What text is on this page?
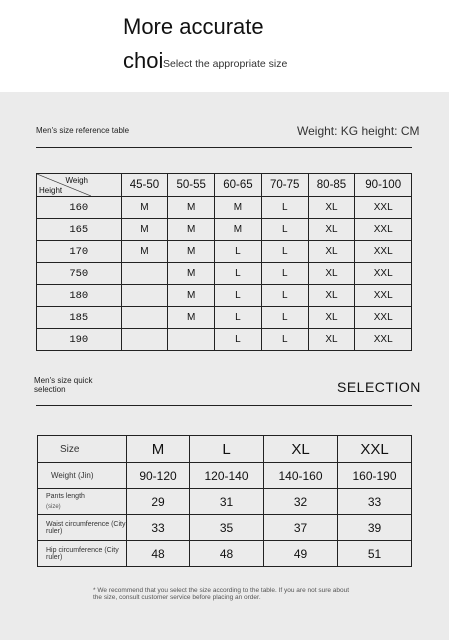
More accurate
choi Select the appropriate size
Men's size reference table	Weight: KG height: CM
Weigh
Height	45-50	50-55	60-65	70-75	80-85	90-100
160	M	M	M	L	XL	XXL
165	M	M	M	L	XL	XXL
170	M	M	L	L	XL	XXL
750		M	L	L	XL	XXL
180		M	L	L	XL	XXL
185		M	L	L	XL	XXL
190			L	L	XL	XXL
Men's size quick
selection	SELECTION
Size	M	L	XL	XXL
Weight (Jin)	90-120	120-140	140-160	160-190
Pants length
(size)	29	31	32	33
Waist circumference (City ruler)	33	35	37	39
Hip circumference (City ruler)	48	48	49	51
* We recommend that you select the size according to the table. If you are not sure about the size, consult customer service before placing an order.
